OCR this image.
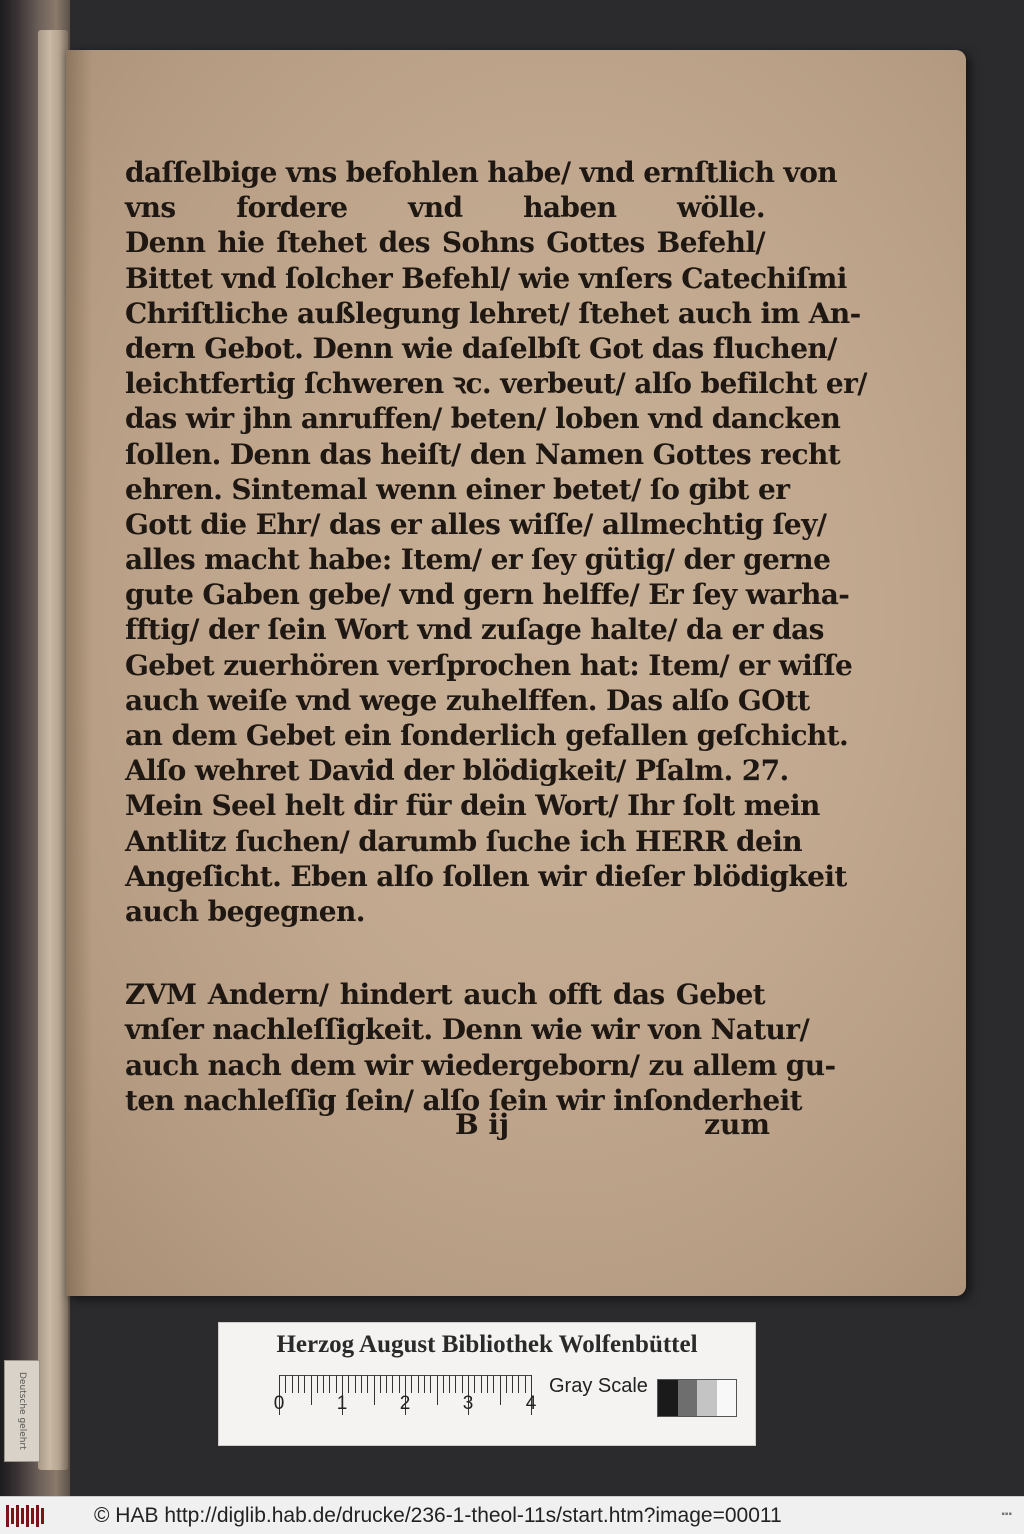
Deutsche gelehrt
daſſelbige vns befohlen habe/ vnd ernſtlich von
vns fordere vnd haben wölle.
Denn hie ſtehet des Sohns Gottes Befehl/
Bittet vnd ſolcher Befehl/ wie vnſers Catechiſmi
Chriſtliche außlegung lehret/ ſtehet auch im An-
dern Gebot. Denn wie daſelbſt Got das fluchen/
leichtfertig ſchweren ꝛc. verbeut/ alſo befilcht er/
das wir jhn anruffen/ beten/ loben vnd dancken
ſollen. Denn das heiſt/ den Namen Gottes recht
ehren. Sintemal wenn einer betet/ ſo gibt er
Gott die Ehr/ das er alles wiſſe/ allmechtig ſey/
alles macht habe: Item/ er ſey gütig/ der gerne
gute Gaben gebe/ vnd gern helffe/ Er ſey warha-
fftig/ der ſein Wort vnd zuſage halte/ da er das
Gebet zuerhören verſprochen hat: Item/ er wiſſe
auch weiſe vnd wege zuhelffen. Das alſo GOtt
an dem Gebet ein ſonderlich gefallen geſchicht.
Alſo wehret David der blödigkeit/ Pſalm. 27.
Mein Seel helt dir für dein Wort/ Ihr ſolt mein
Antlitz ſuchen/ darumb ſuche ich HERR dein
Angeſicht. Eben alſo ſollen wir dieſer blödigkeit
auch begegnen.
ZVM Andern/ hindert auch offt das Gebet
vnſer nachleſſigkeit. Denn wie wir von Natur/
auch nach dem wir wiedergeborn/ zu allem gu-
ten nachleſſig ſein/ alſo ſein wir inſonderheit
B ij	zum
Herzog August Bibliothek Wolfenbüttel
0	1	2	3	4
Gray Scale
© HAB http://diglib.hab.de/drucke/236-1-theol-11s/start.htm?image=00011	▪▪▪
